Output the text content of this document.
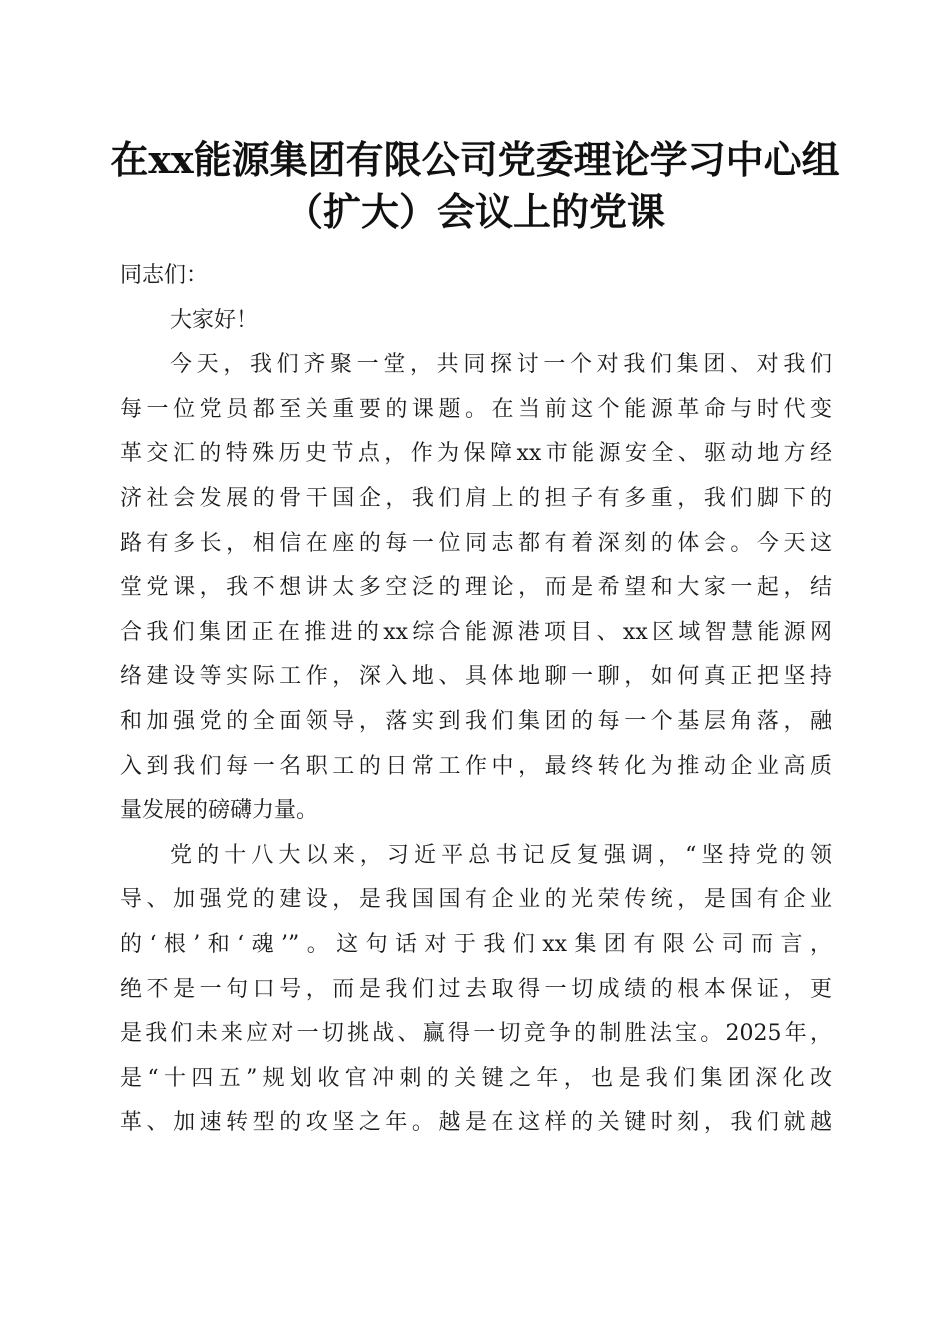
在xx能源集团有限公司党委理论学习中心组
（扩大）会议上的党课
同志们：
大家好！
今天，我们齐聚一堂，共同探讨一个对我们集团、对我们
每一位党员都至关重要的课题。在当前这个能源革命与时代变
革交汇的特殊历史节点，作为保障xx市能源安全、驱动地方经
济社会发展的骨干国企，我们肩上的担子有多重，我们脚下的
路有多长，相信在座的每一位同志都有着深刻的体会。今天这
堂党课，我不想讲太多空泛的理论，而是希望和大家一起，结
合我们集团正在推进的xx综合能源港项目、xx区域智慧能源网
络建设等实际工作，深入地、具体地聊一聊，如何真正把坚持
和加强党的全面领导，落实到我们集团的每一个基层角落，融
入到我们每一名职工的日常工作中，最终转化为推动企业高质
量发展的磅礴力量。
党的十八大以来，习近平总书记反复强调，“坚持党的领
导、加强党的建设，是我国国有企业的光荣传统，是国有企业
的‘根’和‘魂’”。这句话对于我们xx集团有限公司而言，
绝不是一句口号，而是我们过去取得一切成绩的根本保证，更
是我们未来应对一切挑战、赢得一切竞争的制胜法宝。2025年，
是“十四五”规划收官冲刺的关键之年，也是我们集团深化改
革、加速转型的攻坚之年。越是在这样的关键时刻，我们就越
